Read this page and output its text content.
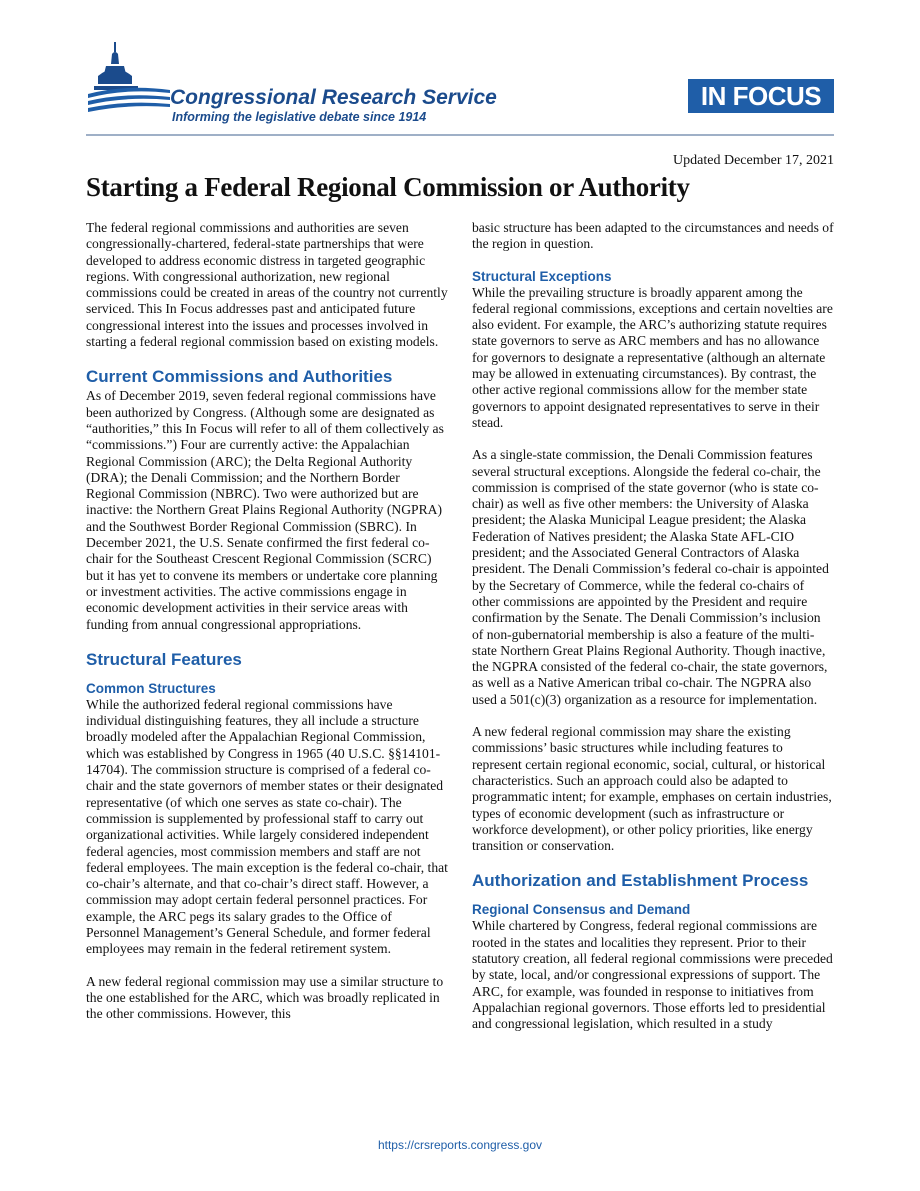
Congressional Research Service
Informing the legislative debate since 1914
IN FOCUS
Updated December 17, 2021
Starting a Federal Regional Commission or Authority

The federal regional commissions and authorities are seven congressionally-chartered, federal-state partnerships that were developed to address economic distress in targeted geographic regions. With congressional authorization, new regional commissions could be created in areas of the country not currently serviced. This In Focus addresses past and anticipated future congressional interest into the issues and processes involved in starting a federal regional commission based on existing models.

Current Commissions and Authorities

As of December 2019, seven federal regional commissions have been authorized by Congress. (Although some are designated as “authorities,” this In Focus will refer to all of them collectively as “commissions.”) Four are currently active: the Appalachian Regional Commission (ARC); the Delta Regional Authority (DRA); the Denali Commission; and the Northern Border Regional Commission (NBRC). Two were authorized but are inactive: the Northern Great Plains Regional Authority (NGPRA) and the Southwest Border Regional Commission (SBRC). In December 2021, the U.S. Senate confirmed the first federal co-chair for the Southeast Crescent Regional Commission (SCRC) but it has yet to convene its members or undertake core planning or investment activities. The active commissions engage in economic development activities in their service areas with funding from annual congressional appropriations.

Structural Features
Common Structures

While the authorized federal regional commissions have individual distinguishing features, they all include a structure broadly modeled after the Appalachian Regional Commission, which was established by Congress in 1965 (40 U.S.C. §§14101-14704). The commission structure is comprised of a federal co-chair and the state governors of member states or their designated representative (of which one serves as state co-chair). The commission is supplemented by professional staff to carry out organizational activities. While largely considered independent federal agencies, most commission members and staff are not federal employees. The main exception is the federal co-chair, that co-chair’s alternate, and that co-chair’s direct staff. However, a commission may adopt certain federal personnel practices. For example, the ARC pegs its salary grades to the Office of Personnel Management’s General Schedule, and former federal employees may remain in the federal retirement system.

A new federal regional commission may use a similar structure to the one established for the ARC, which was broadly replicated in the other commissions. However, this

basic structure has been adapted to the circumstances and needs of the region in question.

Structural Exceptions

While the prevailing structure is broadly apparent among the federal regional commissions, exceptions and certain novelties are also evident. For example, the ARC’s authorizing statute requires state governors to serve as ARC members and has no allowance for governors to designate a representative (although an alternate may be allowed in extenuating circumstances). By contrast, the other active regional commissions allow for the member state governors to appoint designated representatives to serve in their stead.

As a single-state commission, the Denali Commission features several structural exceptions. Alongside the federal co-chair, the commission is comprised of the state governor (who is state co-chair) as well as five other members: the University of Alaska president; the Alaska Municipal League president; the Alaska Federation of Natives president; the Alaska State AFL-CIO president; and the Associated General Contractors of Alaska president. The Denali Commission’s federal co-chair is appointed by the Secretary of Commerce, while the federal co-chairs of other commissions are appointed by the President and require confirmation by the Senate. The Denali Commission’s inclusion of non-gubernatorial membership is also a feature of the multi-state Northern Great Plains Regional Authority. Though inactive, the NGPRA consisted of the federal co-chair, the state governors, as well as a Native American tribal co-chair. The NGPRA also used a 501(c)(3) organization as a resource for implementation.

A new federal regional commission may share the existing commissions’ basic structures while including features to represent certain regional economic, social, cultural, or historical characteristics. Such an approach could also be adapted to programmatic intent; for example, emphases on certain industries, types of economic development (such as infrastructure or workforce development), or other policy priorities, like energy transition or conservation.

Authorization and Establishment Process
Regional Consensus and Demand

While chartered by Congress, federal regional commissions are rooted in the states and localities they represent. Prior to their statutory creation, all federal regional commissions were preceded by state, local, and/or congressional expressions of support. The ARC, for example, was founded in response to initiatives from Appalachian regional governors. Those efforts led to presidential and congressional legislation, which resulted in a study

https://crsreports.congress.gov
